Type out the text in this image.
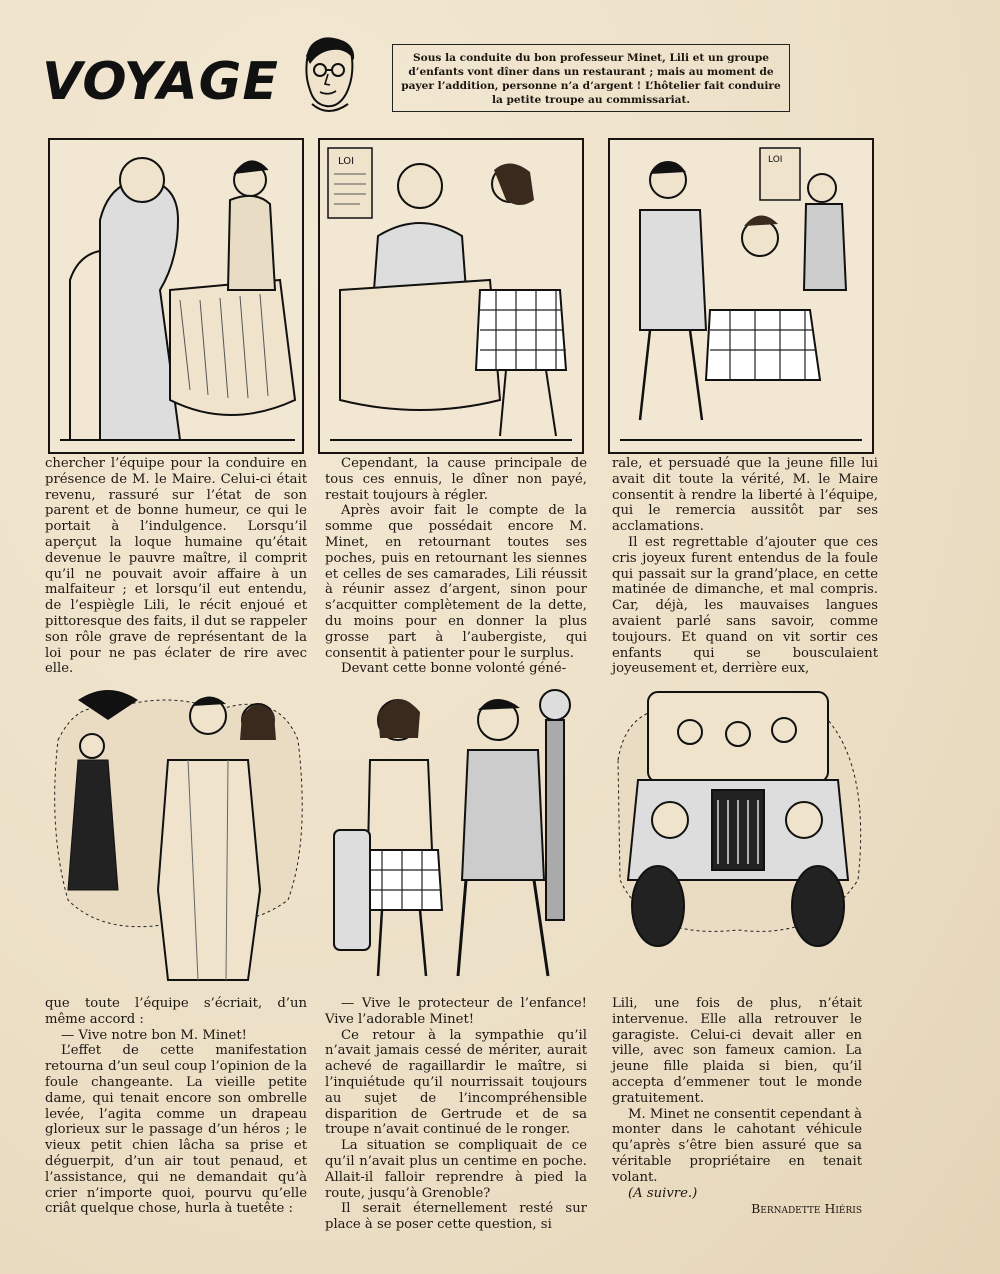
VOYAGE	Sous la conduite du bon professeur Minet, Lili et un groupe d’enfants vont dîner dans un restaurant ; mais au moment de payer l’addition, personne n’a d’argent ! L’hôtelier fait conduire la petite troupe au commissariat.
LOI	LOI

chercher l’équipe pour la conduire en présence de M. le Maire. Celui-ci était revenu, rassuré sur l’état de son parent et de bonne humeur, ce qui le portait à l’indulgence. Lorsqu’il aperçut la loque humaine qu’était devenue le pauvre maître, il comprit qu’il ne pouvait avoir affaire à un malfaiteur ; et lorsqu’il eut entendu, de l’espiègle Lili, le récit enjoué et pittoresque des faits, il dut se rappeler son rôle grave de représentant de la loi pour ne pas éclater de rire avec elle.

Cependant, la cause principale de tous ces ennuis, le dîner non payé, restait toujours à régler.

Après avoir fait le compte de la somme que possédait encore M. Minet, en retournant toutes ses poches, puis en retournant les siennes et celles de ses camarades, Lili réussit à réunir assez d’argent, sinon pour s’acquitter complètement de la dette, du moins pour en donner la plus grosse part à l’aubergiste, qui consentit à patienter pour le surplus.

Devant cette bonne volonté géné-

rale, et persuadé que la jeune fille lui avait dit toute la vérité, M. le Maire consentit à rendre la liberté à l’équipe, qui le remercia aussitôt par ses acclamations.

Il est regrettable d’ajouter que ces cris joyeux furent entendus de la foule qui passait sur la grand’place, en cette matinée de dimanche, et mal compris. Car, déjà, les mauvaises langues avaient parlé sans savoir, comme toujours. Et quand on vit sortir ces enfants qui se bousculaient joyeusement et, derrière eux,

que toute l’équipe s’écriait, d’un même accord :

— Vive notre bon M. Minet!

L’effet de cette manifestation retourna d’un seul coup l’opinion de la foule changeante. La vieille petite dame, qui tenait encore son ombrelle levée, l’agita comme un drapeau glorieux sur le passage d’un héros ; le vieux petit chien lâcha sa prise et déguerpit, d’un air tout penaud, et l’assistance, qui ne demandait qu’à crier n’importe quoi, pourvu qu’elle criât quelque chose, hurla à tuetête :

— Vive le protecteur de l’enfance! Vive l’adorable Minet!

Ce retour à la sympathie qu’il n’avait jamais cessé de mériter, aurait achevé de ragaillardir le maître, si l’inquiétude qu’il nourrissait toujours au sujet de l’incompréhensible disparition de Gertrude et de sa troupe n’avait continué de le ronger.

La situation se compliquait de ce qu’il n’avait plus un centime en poche. Allait-il falloir reprendre à pied la route, jusqu’à Grenoble?

Il serait éternellement resté sur place à se poser cette question, si

Lili, une fois de plus, n’était intervenue. Elle alla retrouver le garagiste. Celui-ci devait aller en ville, avec son fameux camion. La jeune fille plaida si bien, qu’il accepta d’emmener tout le monde gratuitement.

M. Minet ne consentit cependant à monter dans le cahotant véhicule qu’après s’être bien assuré que sa véritable propriétaire en tenait volant.

(A suivre.)

Bernadette Hiéris
